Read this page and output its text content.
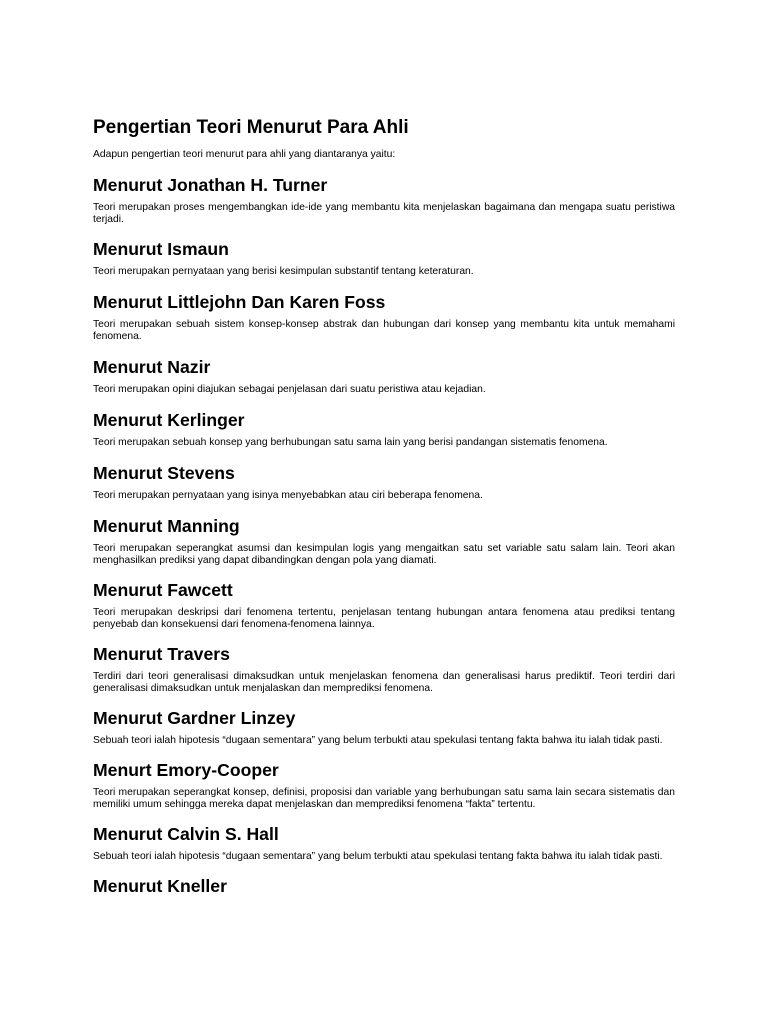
Pengertian Teori Menurut Para Ahli

Adapun pengertian teori menurut para ahli yang diantaranya yaitu:

Menurut Jonathan H. Turner

Teori merupakan proses mengembangkan ide-ide yang membantu kita menjelaskan bagaimana dan mengapa suatu peristiwa terjadi.

Menurut Ismaun

Teori merupakan pernyataan yang berisi kesimpulan substantif tentang keteraturan.

Menurut Littlejohn Dan Karen Foss

Teori merupakan sebuah sistem konsep-konsep abstrak dan hubungan dari konsep yang membantu kita untuk memahami fenomena.

Menurut Nazir

Teori merupakan opini diajukan sebagai penjelasan dari suatu peristiwa atau kejadian.

Menurut Kerlinger

Teori merupakan sebuah konsep yang berhubungan satu sama lain yang berisi pandangan sistematis fenomena.

Menurut Stevens

Teori merupakan pernyataan yang isinya menyebabkan atau ciri beberapa fenomena.

Menurut Manning

Teori merupakan seperangkat asumsi dan kesimpulan logis yang mengaitkan satu set variable satu salam lain. Teori akan menghasilkan prediksi yang dapat dibandingkan dengan pola yang diamati.

Menurut Fawcett

Teori merupakan deskripsi dari fenomena tertentu, penjelasan tentang hubungan antara fenomena atau prediksi tentang penyebab dan konsekuensi dari fenomena-fenomena lainnya.

Menurut Travers

Terdiri dari teori generalisasi dimaksudkan untuk menjelaskan fenomena dan generalisasi harus prediktif. Teori terdiri dari generalisasi dimaksudkan untuk menjalaskan dan memprediksi fenomena.

Menurut Gardner Linzey

Sebuah teori ialah hipotesis “dugaan sementara” yang belum terbukti atau spekulasi tentang fakta bahwa itu ialah tidak pasti.

Menurt Emory-Cooper

Teori merupakan seperangkat konsep, definisi, proposisi dan variable yang berhubungan satu sama lain secara sistematis dan memiliki umum sehingga mereka dapat menjelaskan dan memprediksi fenomena “fakta” tertentu.

Menurut Calvin S. Hall

Sebuah teori ialah hipotesis “dugaan sementara” yang belum terbukti atau spekulasi tentang fakta bahwa itu ialah tidak pasti.

Menurut Kneller
